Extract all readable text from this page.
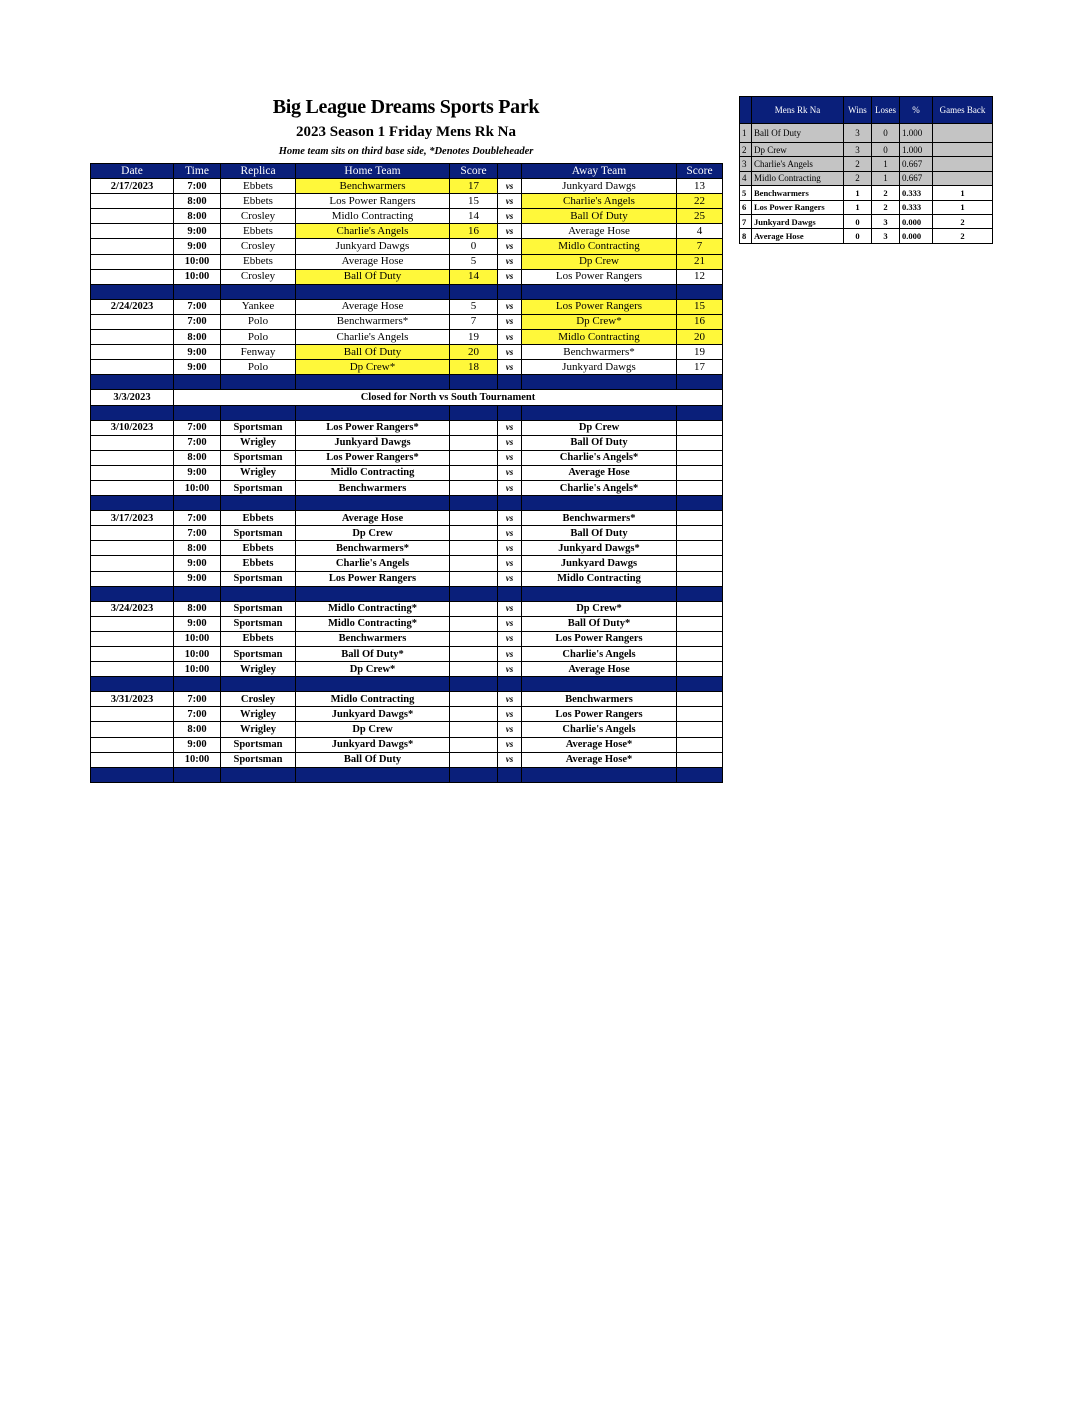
Big League Dreams Sports Park
2023 Season 1 Friday Mens Rk Na
Home team sits on third base side, *Denotes Doubleheader
Date	Time	Replica	Home Team	Score		Away Team	Score
2/17/2023	7:00	Ebbets	Benchwarmers	17	vs	Junkyard Dawgs	13
	8:00	Ebbets	Los Power Rangers	15	vs	Charlie's Angels	22
	8:00	Crosley	Midlo Contracting	14	vs	Ball Of Duty	25
	9:00	Ebbets	Charlie's Angels	16	vs	Average Hose	4
	9:00	Crosley	Junkyard Dawgs	0	vs	Midlo Contracting	7
	10:00	Ebbets	Average Hose	5	vs	Dp Crew	21
	10:00	Crosley	Ball Of Duty	14	vs	Los Power Rangers	12

2/24/2023	7:00	Yankee	Average Hose	5	vs	Los Power Rangers	15
	7:00	Polo	Benchwarmers*	7	vs	Dp Crew*	16
	8:00	Polo	Charlie's Angels	19	vs	Midlo Contracting	20
	9:00	Fenway	Ball Of Duty	20	vs	Benchwarmers*	19
	9:00	Polo	Dp Crew*	18	vs	Junkyard Dawgs	17

3/3/2023	Closed for North vs South Tournament						

3/10/2023	7:00	Sportsman	Los Power Rangers*		vs	Dp Crew	
	7:00	Wrigley	Junkyard Dawgs		vs	Ball Of Duty	
	8:00	Sportsman	Los Power Rangers*		vs	Charlie's Angels*	
	9:00	Wrigley	Midlo Contracting		vs	Average Hose	
	10:00	Sportsman	Benchwarmers		vs	Charlie's Angels*	

3/17/2023	7:00	Ebbets	Average Hose		vs	Benchwarmers*	
	7:00	Sportsman	Dp Crew		vs	Ball Of Duty	
	8:00	Ebbets	Benchwarmers*		vs	Junkyard Dawgs*	
	9:00	Ebbets	Charlie's Angels		vs	Junkyard Dawgs	
	9:00	Sportsman	Los Power Rangers		vs	Midlo Contracting	

3/24/2023	8:00	Sportsman	Midlo Contracting*		vs	Dp Crew*	
	9:00	Sportsman	Midlo Contracting*		vs	Ball Of Duty*	
	10:00	Ebbets	Benchwarmers		vs	Los Power Rangers	
	10:00	Sportsman	Ball Of Duty*		vs	Charlie's Angels	
	10:00	Wrigley	Dp Crew*		vs	Average Hose	

3/31/2023	7:00	Crosley	Midlo Contracting		vs	Benchwarmers	
	7:00	Wrigley	Junkyard Dawgs*		vs	Los Power Rangers	
	8:00	Wrigley	Dp Crew		vs	Charlie's Angels	
	9:00	Sportsman	Junkyard Dawgs*		vs	Average Hose*	
	10:00	Sportsman	Ball Of Duty		vs	Average Hose*	

	Mens Rk Na	Wins	Loses	%	Games Back
1	Ball Of Duty	3	0	1.000	
2	Dp Crew	3	0	1.000	
3	Charlie's Angels	2	1	0.667	
4	Midlo Contracting	2	1	0.667	
5	Benchwarmers	1	2	0.333	1
6	Los Power Rangers	1	2	0.333	1
7	Junkyard Dawgs	0	3	0.000	2
8	Average Hose	0	3	0.000	2
